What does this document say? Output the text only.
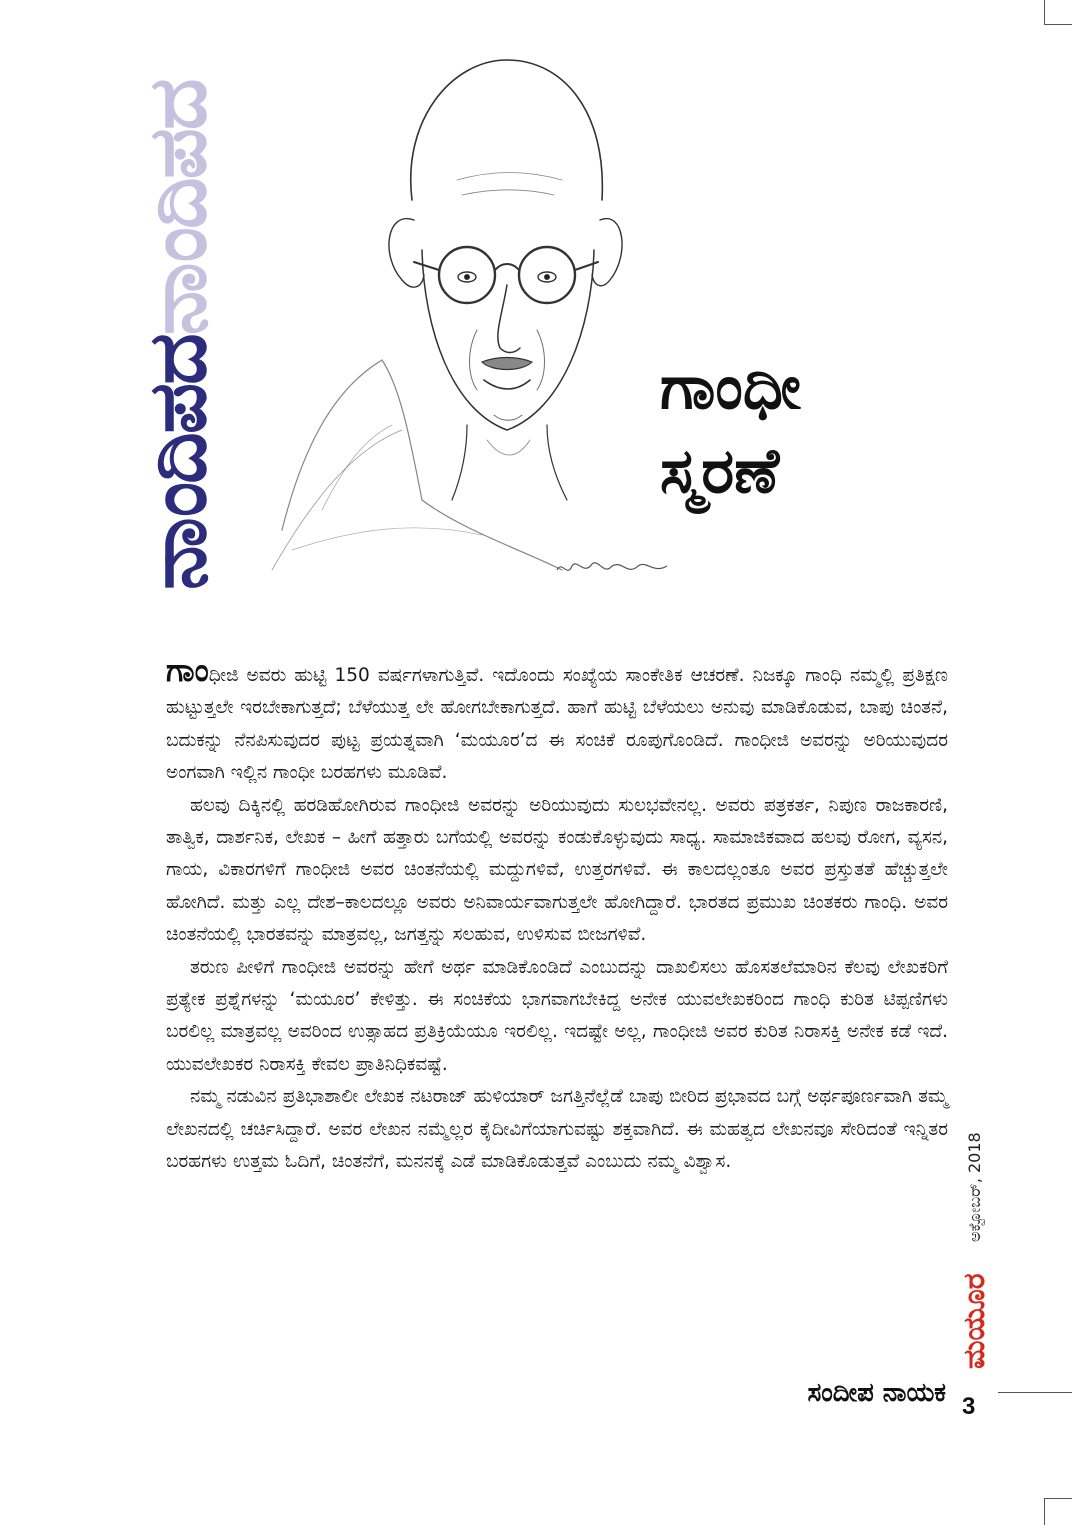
ನಾಂದಿಪದನಾಂದಿಪದ
ಗಾಂಧೀ
ಸ್ಮರಣೆ

ಗಾಂಧೀಜಿ ಅವರು ಹುಟ್ಟಿ 150 ವರ್ಷಗಳಾಗುತ್ತಿವೆ. ಇದೊಂದು ಸಂಖ್ಯೆಯ ಸಾಂಕೇತಿಕ ಆಚರಣೆ. ನಿಜಕ್ಕೂ ಗಾಂಧಿ ನಮ್ಮಲ್ಲಿ ಪ್ರತಿಕ್ಷಣ ಹುಟ್ಟುತ್ತಲೇ ಇರಬೇಕಾಗುತ್ತದೆ; ಬೆಳೆಯುತ್ತ ಲೇ ಹೋಗಬೇಕಾಗುತ್ತದೆ. ಹಾಗೆ ಹುಟ್ಟಿ ಬೆಳೆಯಲು ಅನುವು ಮಾಡಿಕೊಡುವ, ಬಾಪು ಚಿಂತನೆ, ಬದುಕನ್ನು ನೆನಪಿಸುವುದರ ಪುಟ್ಟ ಪ್ರಯತ್ನವಾಗಿ ‘ಮಯೂರ’ದ ಈ ಸಂಚಿಕೆ ರೂಪುಗೊಂಡಿದೆ. ಗಾಂಧೀಜಿ ಅವರನ್ನು ಅರಿಯುವುದರ ಅಂಗವಾಗಿ ಇಲ್ಲಿನ ಗಾಂಧೀ ಬರಹಗಳು ಮೂಡಿವೆ.

ಹಲವು ದಿಕ್ಕಿನಲ್ಲಿ ಹರಡಿಹೋಗಿರುವ ಗಾಂಧೀಜಿ ಅವರನ್ನು ಅರಿಯುವುದು ಸುಲಭವೇನಲ್ಲ. ಅವರು ಪತ್ರಕರ್ತ, ನಿಪುಣ ರಾಜಕಾರಣಿ, ತಾತ್ವಿಕ, ದಾರ್ಶನಿಕ, ಲೇಖಕ – ಹೀಗೆ ಹತ್ತಾರು ಬಗೆಯಲ್ಲಿ ಅವರನ್ನು ಕಂಡುಕೊಳ್ಳುವುದು ಸಾಧ್ಯ. ಸಾಮಾಜಿಕವಾದ ಹಲವು ರೋಗ, ವ್ಯಸನ, ಗಾಯ, ವಿಕಾರಗಳಿಗೆ ಗಾಂಧೀಜಿ ಅವರ ಚಿಂತನೆಯಲ್ಲಿ ಮದ್ದುಗಳಿವೆ, ಉತ್ತರಗಳಿವೆ. ಈ ಕಾಲದಲ್ಲಂತೂ ಅವರ ಪ್ರಸ್ತುತತೆ ಹೆಚ್ಚುತ್ತಲೇ ಹೋಗಿದೆ. ಮತ್ತು ಎಲ್ಲ ದೇಶ–ಕಾಲದಲ್ಲೂ ಅವರು ಅನಿವಾರ್ಯವಾಗುತ್ತಲೇ ಹೋಗಿದ್ದಾರೆ. ಭಾರತದ ಪ್ರಮುಖ ಚಿಂತಕರು ಗಾಂಧಿ. ಅವರ ಚಿಂತನೆಯಲ್ಲಿ ಭಾರತವನ್ನು ಮಾತ್ರವಲ್ಲ, ಜಗತ್ತನ್ನು ಸಲಹುವ, ಉಳಿಸುವ ಬೀಜಗಳಿವೆ.

ತರುಣ ಪೀಳಿಗೆ ಗಾಂಧೀಜಿ ಅವರನ್ನು ಹೇಗೆ ಅರ್ಥ ಮಾಡಿಕೊಂಡಿದೆ ಎಂಬುದನ್ನು ದಾಖಲಿಸಲು ಹೊಸತಲೆಮಾರಿನ ಕೆಲವು ಲೇಖಕರಿಗೆ ಪ್ರತ್ಯೇಕ ಪ್ರಶ್ನೆಗಳನ್ನು ‘ಮಯೂರ’ ಕೇಳಿತ್ತು. ಈ ಸಂಚಿಕೆಯ ಭಾಗವಾಗಬೇಕಿದ್ದ ಅನೇಕ ಯುವಲೇಖಕರಿಂದ ಗಾಂಧಿ ಕುರಿತ ಟಿಪ್ಪಣಿಗಳು ಬರಲಿಲ್ಲ ಮಾತ್ರವಲ್ಲ ಅವರಿಂದ ಉತ್ಸಾಹದ ಪ್ರತಿಕ್ರಿಯೆಯೂ ಇರಲಿಲ್ಲ. ಇದಷ್ಟೇ ಅಲ್ಲ, ಗಾಂಧೀಜಿ ಅವರ ಕುರಿತ ನಿರಾಸಕ್ತಿ ಅನೇಕ ಕಡೆ ಇದೆ. ಯುವಲೇಖಕರ ನಿರಾಸಕ್ತಿ ಕೇವಲ ಪ್ರಾತಿನಿಧಿಕವಷ್ಟೆ.

ನಮ್ಮ ನಡುವಿನ ಪ್ರತಿಭಾಶಾಲೀ ಲೇಖಕ ನಟರಾಜ್ ಹುಳಿಯಾರ್ ಜಗತ್ತಿನೆಲ್ಲೆಡೆ ಬಾಪು ಬೀರಿದ ಪ್ರಭಾವದ ಬಗ್ಗೆ ಅರ್ಥಪೂರ್ಣವಾಗಿ ತಮ್ಮ ಲೇಖನದಲ್ಲಿ ಚರ್ಚಿಸಿದ್ದಾರೆ. ಅವರ ಲೇಖನ ನಮ್ಮೆಲ್ಲರ ಕೈದೀವಿಗೆಯಾಗುವಷ್ಟು ಶಕ್ತವಾಗಿದೆ. ಈ ಮಹತ್ವದ ಲೇಖನವೂ ಸೇರಿದಂತೆ ಇನ್ನಿತರ ಬರಹಗಳು ಉತ್ತಮ ಓದಿಗೆ, ಚಿಂತನೆಗೆ, ಮನನಕ್ಕೆ ಎಡೆ ಮಾಡಿಕೊಡುತ್ತವೆ ಎಂಬುದು ನಮ್ಮ ವಿಶ್ವಾಸ.

ಸಂದೀಪ ನಾಯಕ
ಅಕ್ಟೋಬರ್, 2018
ಮಯೂರ
3
